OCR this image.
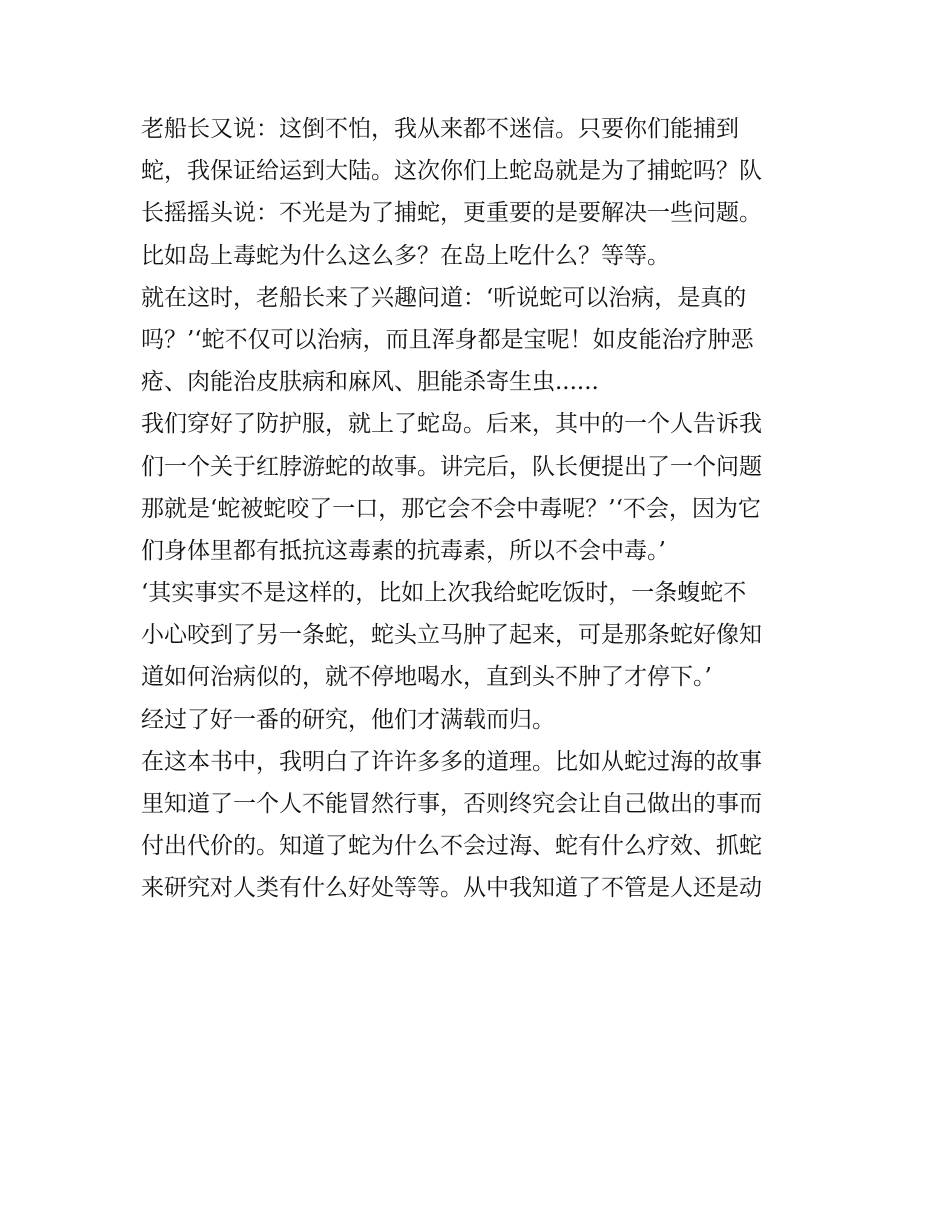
老船长又说：这倒不怕，我从来都不迷信。只要你们能捕到
蛇，我保证给运到大陆。这次你们上蛇岛就是为了捕蛇吗？队
长摇摇头说：不光是为了捕蛇，更重要的是要解决一些问题。
比如岛上毒蛇为什么这么多？在岛上吃什么？等等。
就在这时，老船长来了兴趣问道：‘听说蛇可以治病，是真的
吗？’‘蛇不仅可以治病，而且浑身都是宝呢！如皮能治疗肿恶
疮、肉能治皮肤病和麻风、胆能杀寄生虫......
我们穿好了防护服，就上了蛇岛。后来，其中的一个人告诉我
们一个关于红脖游蛇的故事。讲完后，队长便提出了一个问题
那就是‘蛇被蛇咬了一口，那它会不会中毒呢？’‘不会，因为它
们身体里都有抵抗这毒素的抗毒素，所以不会中毒。’
‘其实事实不是这样的，比如上次我给蛇吃饭时，一条蝮蛇不
小心咬到了另一条蛇，蛇头立马肿了起来，可是那条蛇好像知
道如何治病似的，就不停地喝水，直到头不肿了才停下。’
经过了好一番的研究，他们才满载而归。
在这本书中，我明白了许许多多的道理。比如从蛇过海的故事
里知道了一个人不能冒然行事，否则终究会让自己做出的事而
付出代价的。知道了蛇为什么不会过海、蛇有什么疗效、抓蛇
来研究对人类有什么好处等等。从中我知道了不管是人还是动
